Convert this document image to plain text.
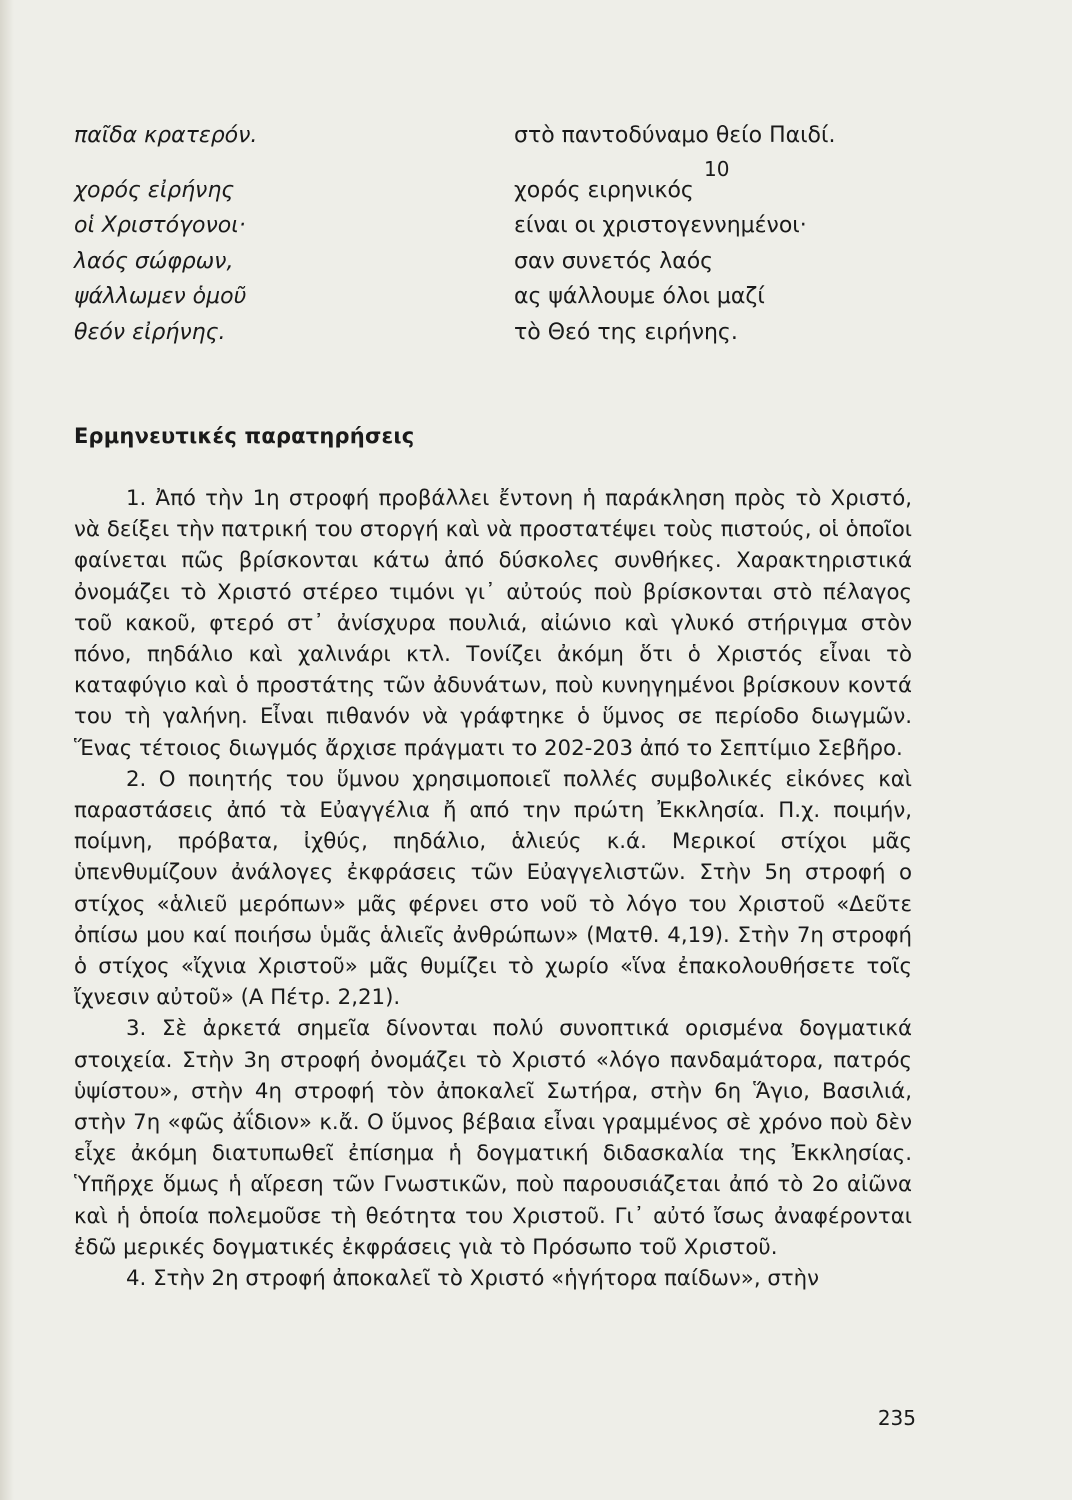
παῖδα κρατερόν.
χορός εἰρήνης
οἱ Χριστόγονοι·
λαός σώφρων,
ψάλλωμεν ὁμοῦ
θεόν εἰρήνης.
στὸ παντοδύναμο θείο Παιδί.
χορός ειρηνικός
είναι οι χριστογεννημένοι·
σαν συνετός λαός
ας ψάλλουμε όλοι μαζί
τὸ Θεό της ειρήνης.
10
Ερμηνευτικές παρατηρήσεις

1. Ἀπό τὴν 1η στροφή προβάλλει ἔντονη ἡ παράκληση πρὸς τὸ Χριστό, νὰ δείξει τὴν πατρική του στοργή καὶ νὰ προστατέψει τοὺς πιστούς, οἱ ὁποῖοι φαίνεται πῶς βρίσκονται κάτω ἀπό δύσκολες συνθήκες. Χαρακτηριστικά ὀνομάζει τὸ Χριστό στέρεο τιμόνι γι᾽ αὐτούς ποὺ βρίσκονται στὸ πέλαγος τοῦ κακοῦ, φτερό στ᾽ ἀνίσχυρα πουλιά, αἰώνιο καὶ γλυκό στήριγμα στὸν πόνο, πηδάλιο καὶ χαλινάρι κτλ. Τονίζει ἀκόμη ὅτι ὁ Χριστός εἶναι τὸ καταφύγιο καὶ ὁ προστάτης τῶν ἀδυνάτων, ποὺ κυνηγημένοι βρίσκουν κοντά του τὴ γαλήνη. Εἶναι πιθανόν νὰ γράφτηκε ὁ ὕμνος σε περίοδο διωγμῶν. Ἕνας τέτοιος διωγμός ἄρχισε πράγματι το 202-203 ἀπό το Σεπτίμιο Σεβῆρο.

2. Ο ποιητής του ὕμνου χρησιμοποιεῖ πολλές συμβολικές εἰκόνες καὶ παραστάσεις ἀπό τὰ Εὐαγγέλια ἤ από την πρώτη Ἐκκλησία. Π.χ. ποιμήν, ποίμνη, πρόβατα, ἰχθύς, πηδάλιο, ἁλιεύς κ.ά. Μερικοί στίχοι μᾶς ὑπενθυμίζουν ἀνάλογες ἐκφράσεις τῶν Εὐαγγελιστῶν. Στὴν 5η στροφή ο στίχος «ἁλιεῦ μερόπων» μᾶς φέρνει στο νοῦ τὸ λόγο του Χριστοῦ «Δεῦτε ὀπίσω μου καί ποιήσω ὑμᾶς ἁλιεῖς ἀνθρώπων» (Ματθ. 4,19). Στὴν 7η στροφή ὁ στίχος «ἴχνια Χριστοῦ» μᾶς θυμίζει τὸ χωρίο «ἵνα ἐπακολουθήσετε τοῖς ἴχνεσιν αὐτοῦ» (Α Πέτρ. 2,21).

3. Σὲ ἀρκετά σημεῖα δίνονται πολύ συνοπτικά ορισμένα δογματικά στοιχεία. Στὴν 3η στροφή ὀνομάζει τὸ Χριστό «λόγο πανδαμάτορα, πατρός ὑψίστου», στὴν 4η στροφή τὸν ἀποκαλεῖ Σωτήρα, στὴν 6η Ἅγιο, Βασιλιά, στὴν 7η «φῶς ἀΐδιον» κ.ἄ. Ο ὕμνος βέβαια εἶναι γραμμένος σὲ χρόνο ποὺ δὲν εἶχε ἀκόμη διατυπωθεῖ ἐπίσημα ἡ δογματική διδασκαλία της Ἐκκλησίας. Ὑπῆρχε ὅμως ἡ αἵρεση τῶν Γνωστικῶν, ποὺ παρουσιάζεται ἀπό τὸ 2ο αἰῶνα καὶ ἡ ὁποία πολεμοῦσε τὴ θεότητα του Χριστοῦ. Γι᾽ αὐτό ἴσως ἀναφέρονται ἐδῶ μερικές δογματικές ἐκφράσεις γιὰ τὸ Πρόσωπο τοῦ Χριστοῦ.

4. Στὴν 2η στροφή ἀποκαλεῖ τὸ Χριστό «ἡγήτορα παίδων», στὴν

235
